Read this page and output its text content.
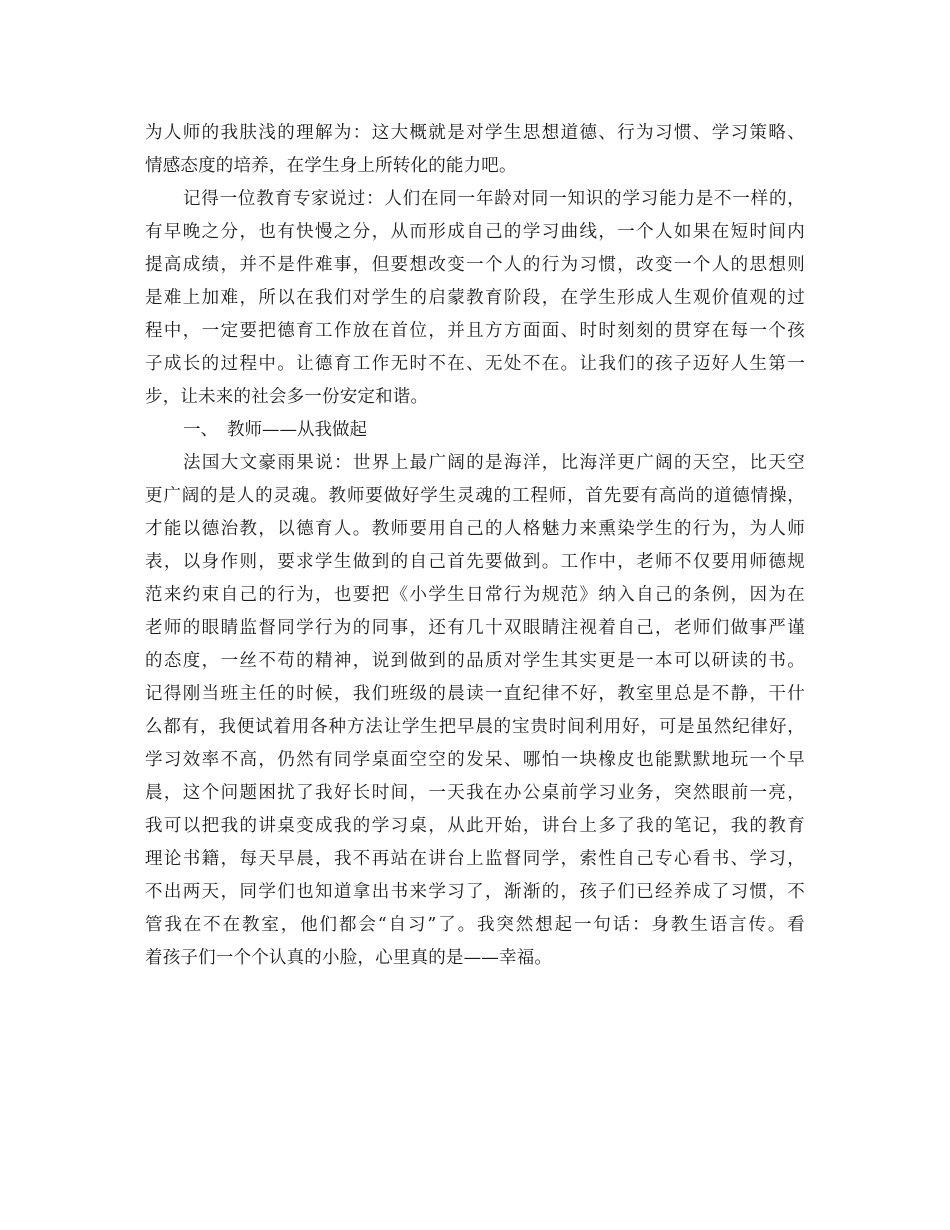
为人师的我肤浅的理解为：这大概就是对学生思想道德、行为习惯、学习策略、
情感态度的培养，在学生身上所转化的能力吧。
记得一位教育专家说过：人们在同一年龄对同一知识的学习能力是不一样的，
有早晚之分，也有快慢之分，从而形成自己的学习曲线，一个人如果在短时间内
提高成绩，并不是件难事，但要想改变一个人的行为习惯，改变一个人的思想则
是难上加难，所以在我们对学生的启蒙教育阶段，在学生形成人生观价值观的过
程中，一定要把德育工作放在首位，并且方方面面、时时刻刻的贯穿在每一个孩
子成长的过程中。让德育工作无时不在、无处不在。让我们的孩子迈好人生第一
步，让未来的社会多一份安定和谐。
一、 教师——从我做起
法国大文豪雨果说：世界上最广阔的是海洋，比海洋更广阔的天空，比天空
更广阔的是人的灵魂。教师要做好学生灵魂的工程师，首先要有高尚的道德情操，
才能以德治教，以德育人。教师要用自己的人格魅力来熏染学生的行为，为人师
表，以身作则，要求学生做到的自己首先要做到。工作中，老师不仅要用师德规
范来约束自己的行为，也要把《小学生日常行为规范》纳入自己的条例，因为在
老师的眼睛监督同学行为的同事，还有几十双眼睛注视着自己，老师们做事严谨
的态度，一丝不苟的精神，说到做到的品质对学生其实更是一本可以研读的书。
记得刚当班主任的时候，我们班级的晨读一直纪律不好，教室里总是不静，干什
么都有，我便试着用各种方法让学生把早晨的宝贵时间利用好，可是虽然纪律好，
学习效率不高，仍然有同学桌面空空的发呆、哪怕一块橡皮也能默默地玩一个早
晨，这个问题困扰了我好长时间，一天我在办公桌前学习业务，突然眼前一亮，
我可以把我的讲桌变成我的学习桌，从此开始，讲台上多了我的笔记，我的教育
理论书籍，每天早晨，我不再站在讲台上监督同学，索性自己专心看书、学习，
不出两天，同学们也知道拿出书来学习了，渐渐的，孩子们已经养成了习惯，不
管我在不在教室，他们都会“自习”了。我突然想起一句话：身教生语言传。看
着孩子们一个个认真的小脸，心里真的是——幸福。
